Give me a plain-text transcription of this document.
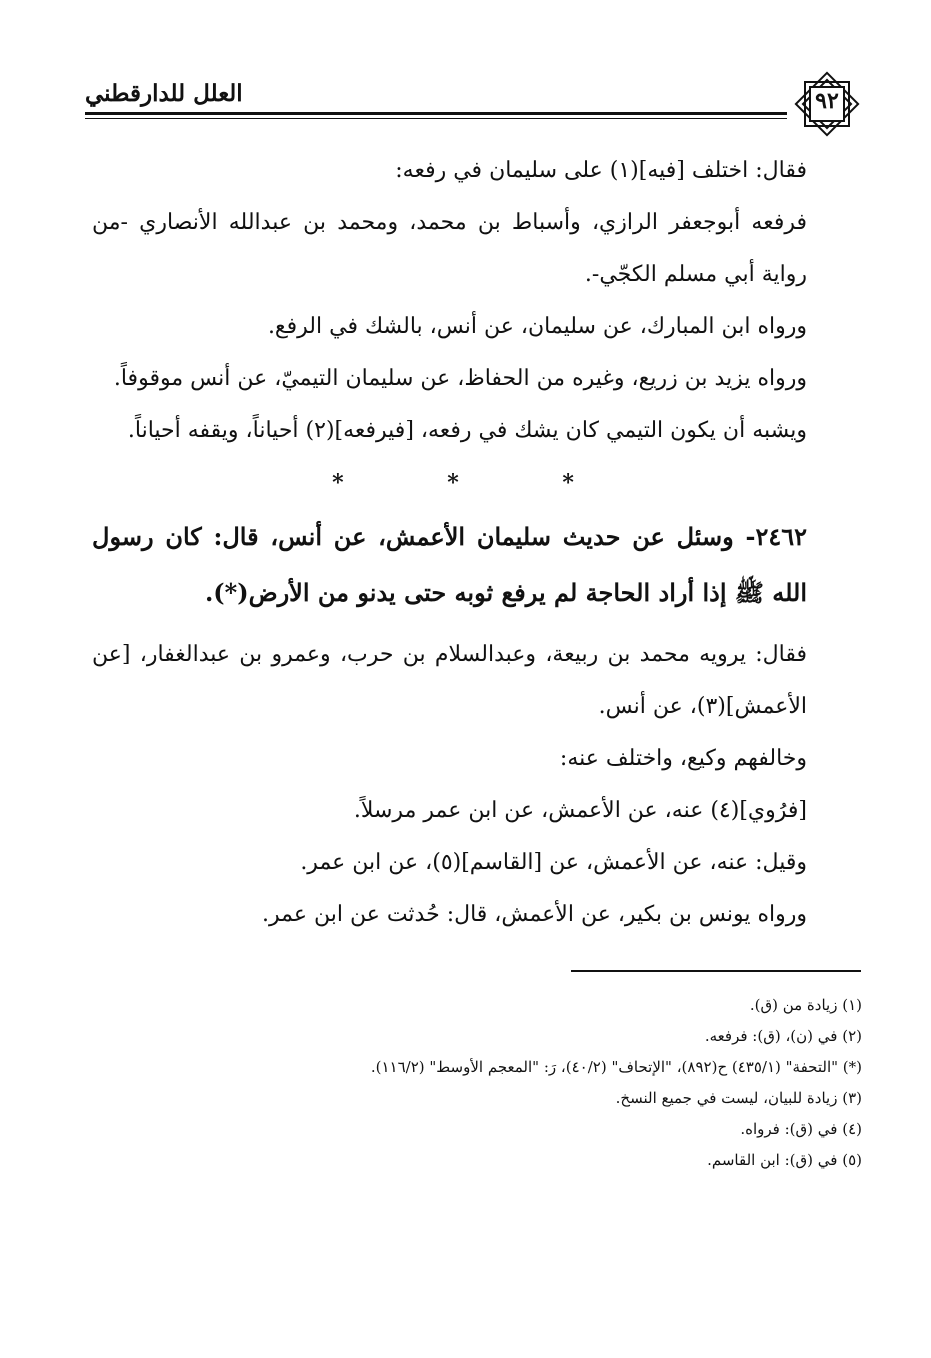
العلل للدارقطني	٩٢

فقال: اختلف [فيه](١) على سليمان في رفعه:

فرفعه أبوجعفر الرازي، وأسباط بن محمد، ومحمد بن عبدالله الأنصاري -من رواية أبي مسلم الكجّي-.

ورواه ابن المبارك، عن سليمان، عن أنس، بالشك في الرفع.

ورواه يزيد بن زريع، وغيره من الحفاظ، عن سليمان التيميّ، عن أنس موقوفاً.

ويشبه أن يكون التيمي كان يشك في رفعه، [فيرفعه](٢) أحياناً، ويقفه أحياناً.

* * *

٢٤٦٢- وسئل عن حديث سليمان الأعمش، عن أنس، قال: كان رسول الله ﷺ إذا أراد الحاجة لم يرفع ثوبه حتى يدنو من الأرض(*).

فقال: يرويه محمد بن ربيعة، وعبدالسلام بن حرب، وعمرو بن عبدالغفار، [عن الأعمش](٣)، عن أنس.

وخالفهم وكيع، واختلف عنه:

[فرُوي](٤) عنه، عن الأعمش، عن ابن عمر مرسلاً.

وقيل: عنه، عن الأعمش، عن [القاسم](٥)، عن ابن عمر.

ورواه يونس بن بكير، عن الأعمش، قال: حُدثت عن ابن عمر.

(١) زيادة من (ق).

(٢) في (ن)، (ق): فرفعه.

(*) "التحفة" (٤٣٥/١) ح(٨٩٢)، "الإتحاف" (٤٠/٢)، رَ: "المعجم الأوسط" (١١٦/٢).

(٣) زيادة للبيان، ليست في جميع النسخ.

(٤) في (ق): فرواه.

(٥) في (ق): ابن القاسم.
